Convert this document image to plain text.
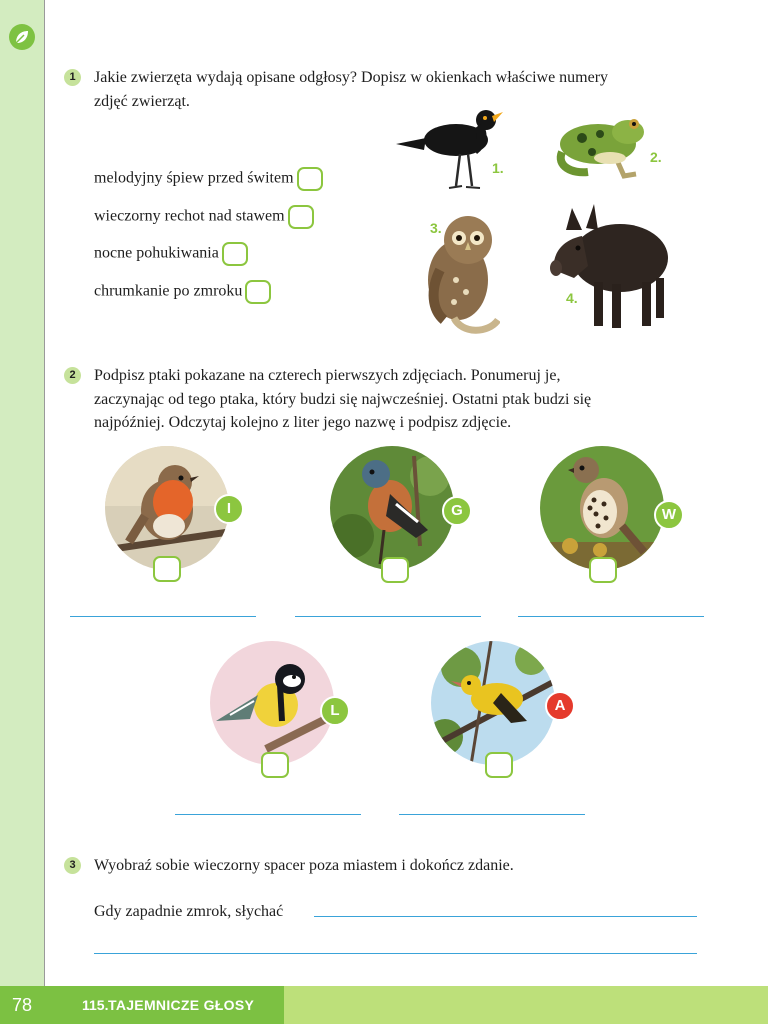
1	Jakie zwierzęta wydają opisane odgłosy? Dopisz w okienkach właściwe numery
zdjęć zwierząt.
melodyjny śpiew przed świtem
wieczorny rechot nad stawem
nocne pohukiwania
chrumkanie po zmroku
1.
2.
3.
4.
2	Podpisz ptaki pokazane na czterech pierwszych zdjęciach. Ponumeruj je,
zaczynając od tego ptaka, który budzi się najwcześniej. Ostatni ptak budzi się
najpóźniej. Odczytaj kolejno z liter jego nazwę i podpisz zdjęcie.
I	G	W
L	A
3	Wyobraź sobie wieczorny spacer poza miastem i dokończ zdanie.
Gdy zapadnie zmrok, słychać
78	115. TAJEMNICZE GŁOSY
